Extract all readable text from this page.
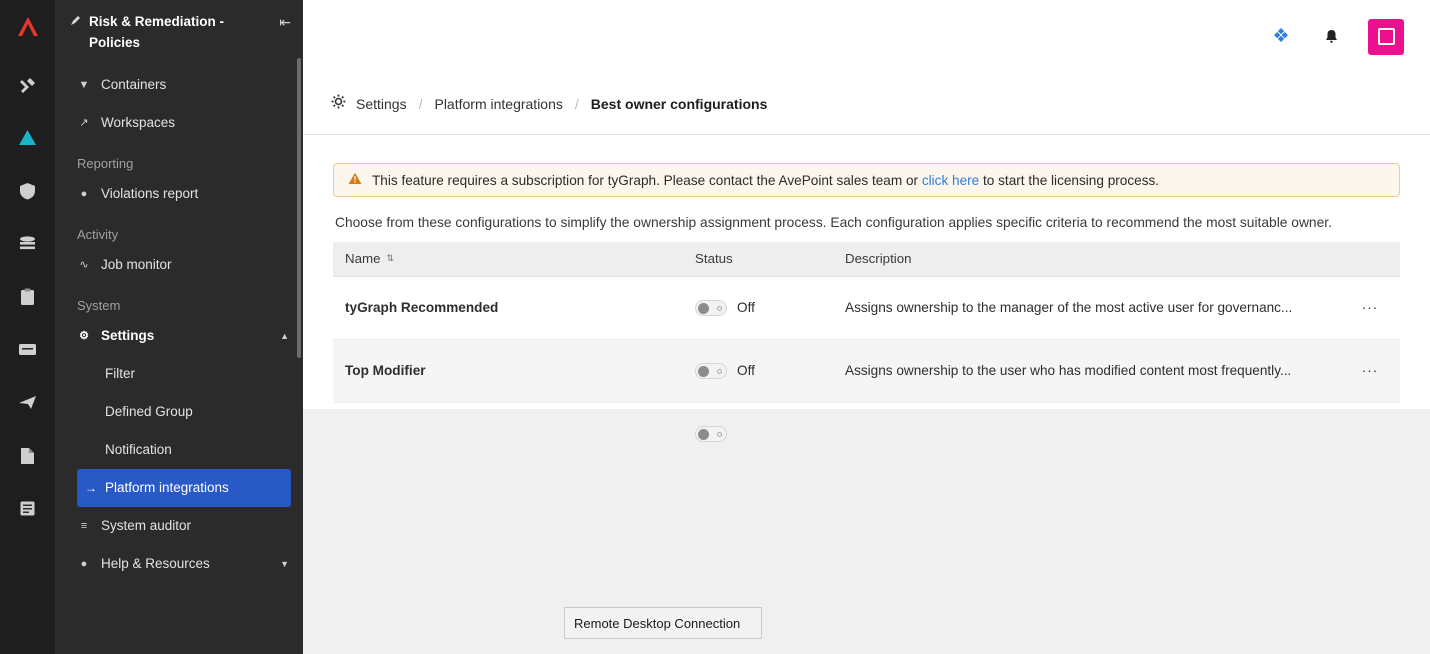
Risk & Remediation - Policies
⇤
▼ Containers
↗ Workspaces
Reporting
● Violations report
Activity
∿ Job monitor
System
⚙ Settings	▲
Filter
Defined Group
Notification
→ Platform integrations
≡ System auditor
● Help & Resources	▼
❖
Settings / Platform integrations / Best owner configurations
This feature requires a subscription for tyGraph. Please contact the AvePoint sales team or click here to start the licensing process.
Choose from these configurations to simplify the ownership assignment process. Each configuration applies specific criteria to recommend the most suitable owner.
Name ⇅	Status	Description	
tyGraph Recommended	Off	Assigns ownership to the manager of the most active user for governanc...	···
Top Modifier	Off	Assigns ownership to the user who has modified content most frequently...	···

Remote Desktop Connection
